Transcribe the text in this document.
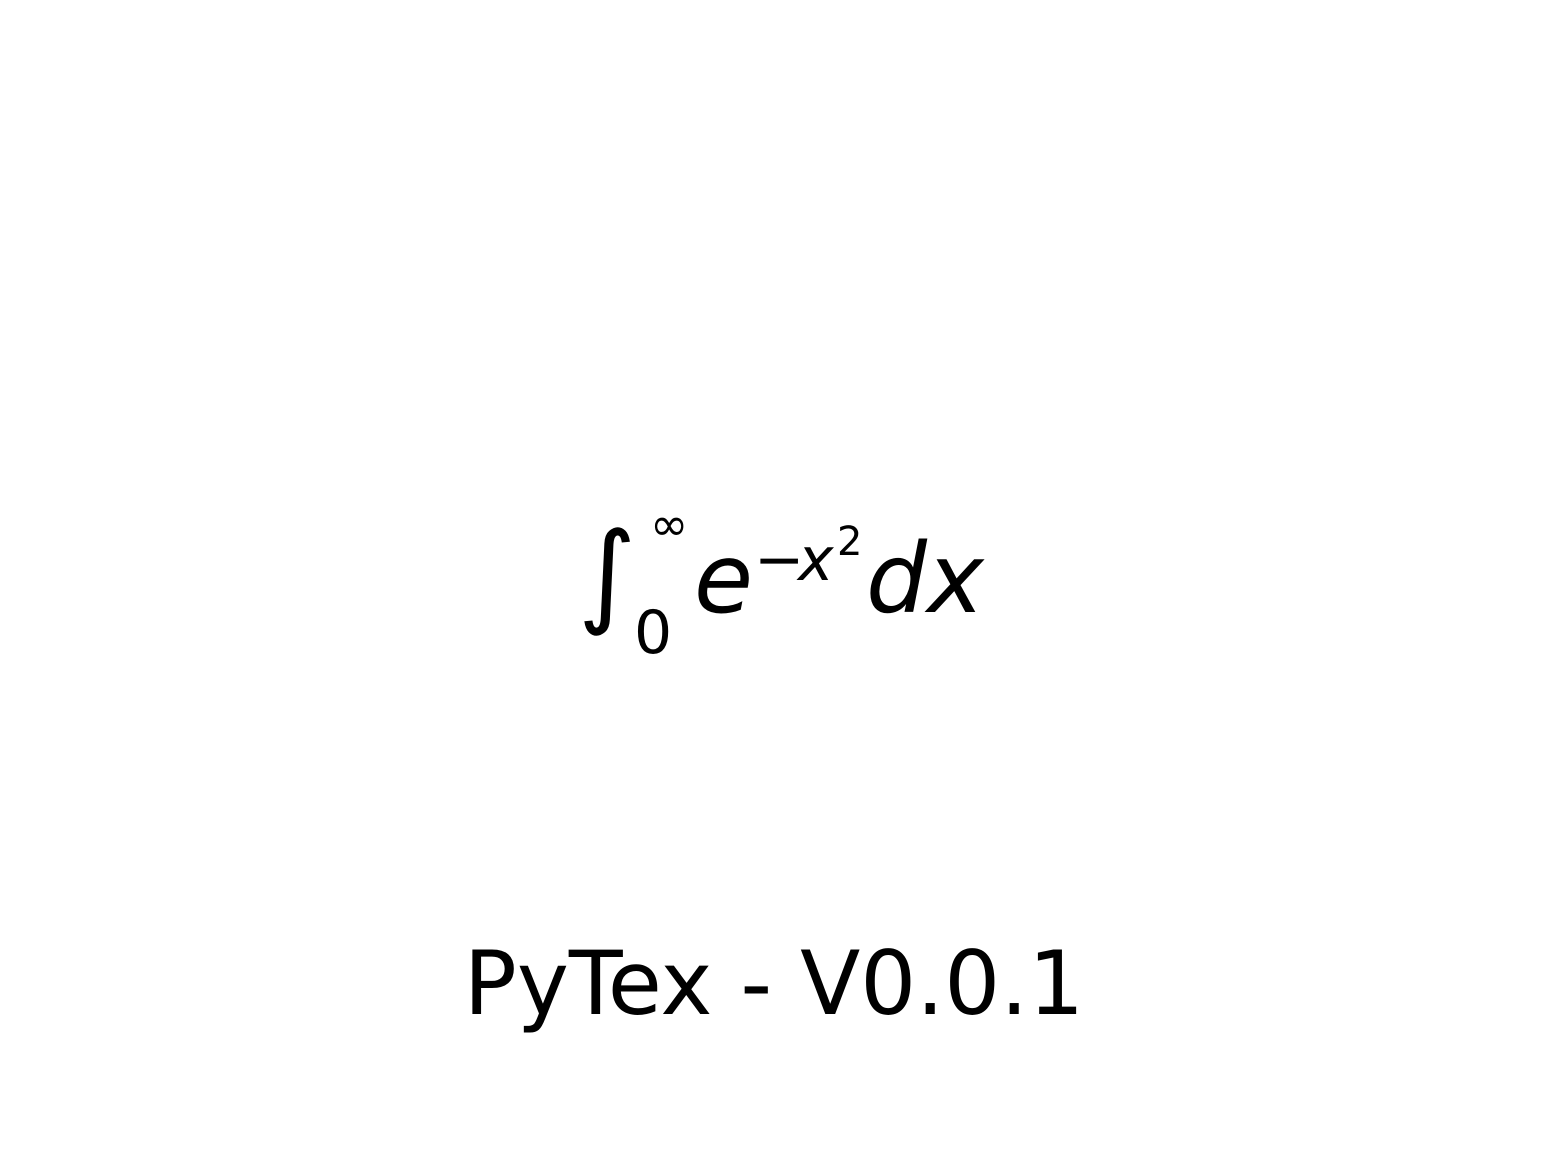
∫ ∞
0 e −
x 2 dx
PyTex - V0.0.1
